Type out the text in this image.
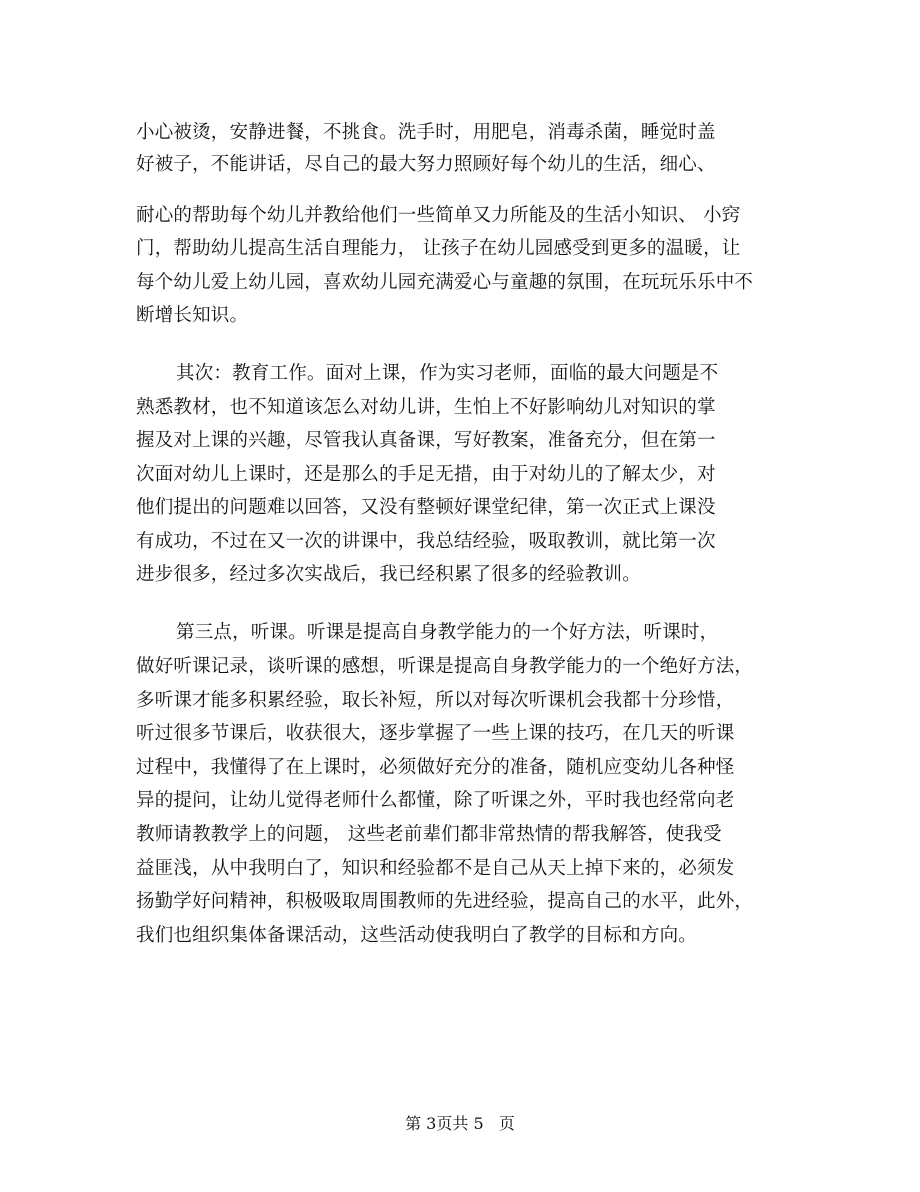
小心被烫，安静进餐，不挑食。洗手时，用肥皂，消毒杀菌，睡觉时盖
好被子，不能讲话，尽自己的最大努力照顾好每个幼儿的生活，细心、
耐心的帮助每个幼儿并教给他们一些简单又力所能及的生活小知识、 小窍
门，帮助幼儿提高生活自理能力， 让孩子在幼儿园感受到更多的温暖，让
每个幼儿爱上幼儿园，喜欢幼儿园充满爱心与童趣的氛围，在玩玩乐乐中不
断增长知识。
其次：教育工作。面对上课，作为实习老师，面临的最大问题是不
熟悉教材，也不知道该怎么对幼儿讲，生怕上不好影响幼儿对知识的掌
握及对上课的兴趣，尽管我认真备课，写好教案，准备充分，但在第一
次面对幼儿上课时，还是那么的手足无措，由于对幼儿的了解太少，对
他们提出的问题难以回答，又没有整顿好课堂纪律，第一次正式上课没
有成功，不过在又一次的讲课中，我总结经验，吸取教训，就比第一次
进步很多，经过多次实战后，我已经积累了很多的经验教训。
第三点，听课。听课是提高自身教学能力的一个好方法，听课时，
做好听课记录，谈听课的感想，听课是提高自身教学能力的一个绝好方法，
多听课才能多积累经验，取长补短，所以对每次听课机会我都十分珍惜，
听过很多节课后，收获很大，逐步掌握了一些上课的技巧，在几天的听课
过程中，我懂得了在上课时，必须做好充分的准备，随机应变幼儿各种怪
异的提问，让幼儿觉得老师什么都懂，除了听课之外，平时我也经常向老
教师请教教学上的问题， 这些老前辈们都非常热情的帮我解答，使我受
益匪浅，从中我明白了，知识和经验都不是自己从天上掉下来的，必须发
扬勤学好问精神，积极吸取周围教师的先进经验，提高自己的水平，此外，
我们也组织集体备课活动，这些活动使我明白了教学的目标和方向。
第 3页共 5   页
